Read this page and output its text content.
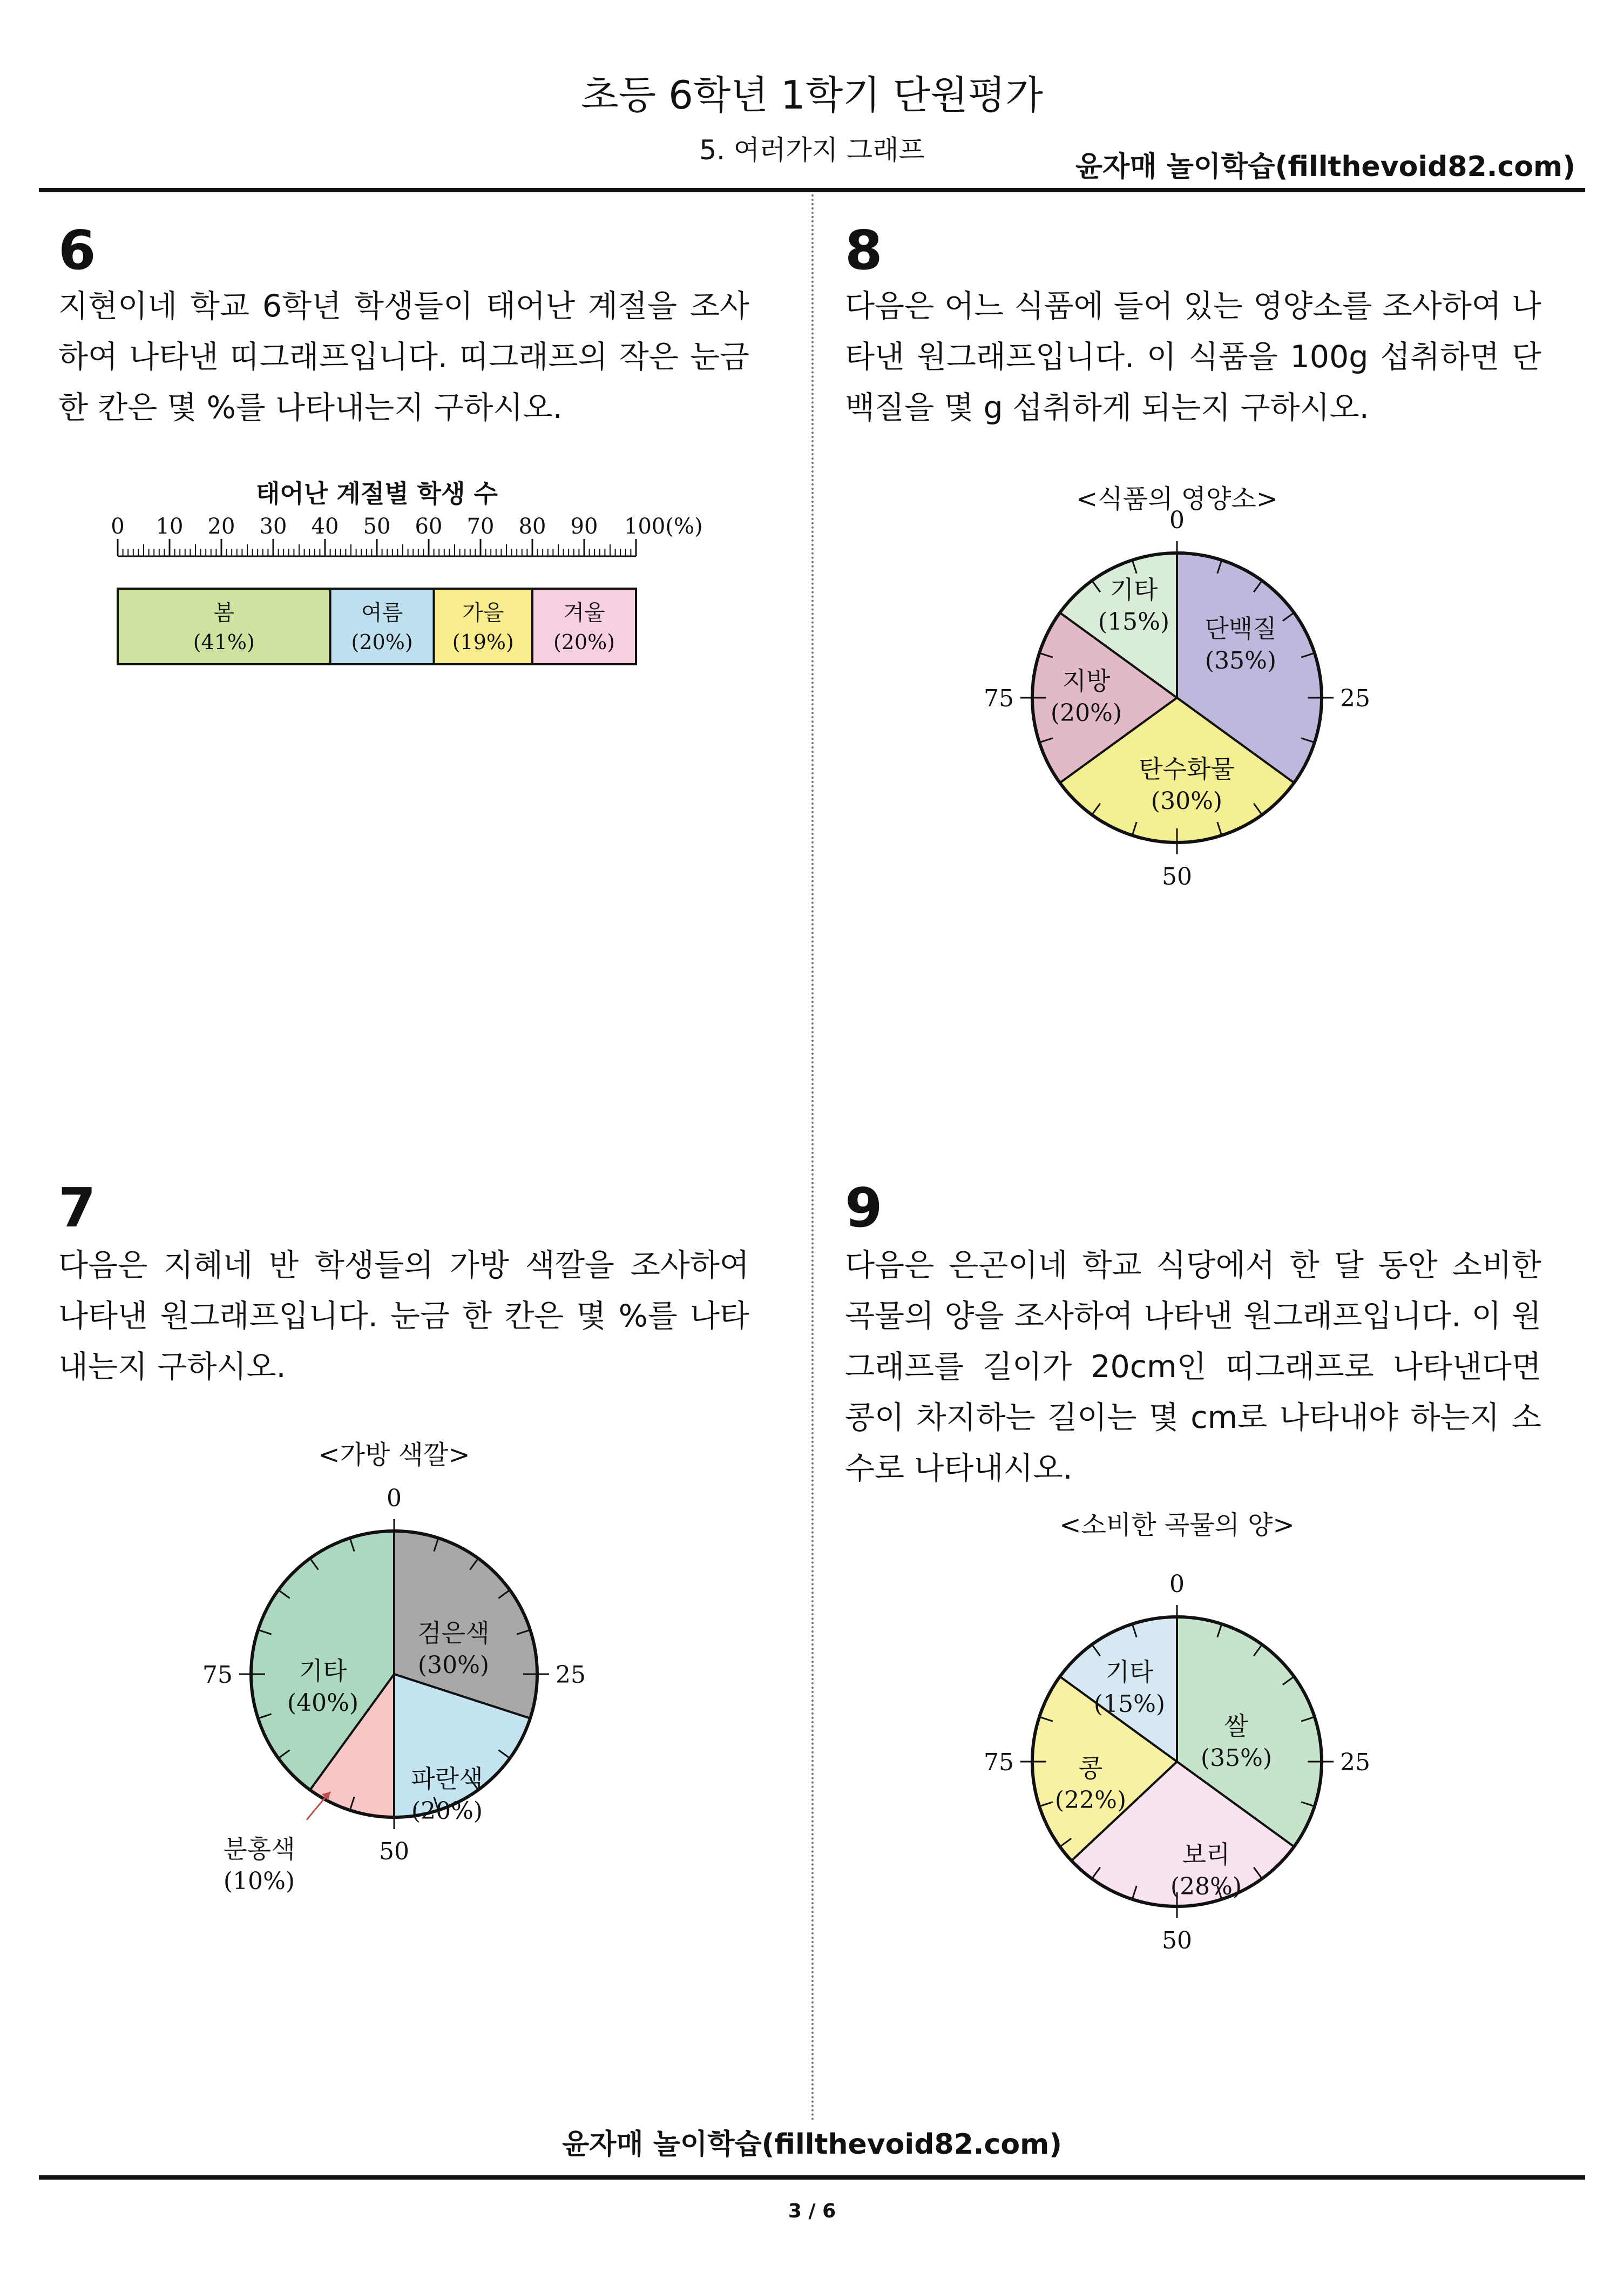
초등 6학년 1학기 단원평가
5. 여러가지 그래프
윤자매 놀이학습(fillthevoid82.com)
6
지현이네 학교 6학년 학생들이 태어난 계절을 조사하여 나타낸 띠그래프입니다. 띠그래프의 작은 눈금 한 칸은 몇 %를 나타내는지 구하시오.
태어난 계절별 학생 수
0 10 20 30 40 50 60 70 80 90 100(%)
봄
(41%)
여름
(20%)
가을
(19%)
겨울
(20%)
7
다음은 지혜네 반 학생들의 가방 색깔을 조사하여 나타낸 원그래프입니다. 눈금 한 칸은 몇 %를 나타내는지 구하시오.
<가방 색깔>
0
25
50
75
검은색
(30%)
파란색
(20%)
분홍색
(10%)
기타
(40%)
8
다음은 어느 식품에 들어 있는 영양소를 조사하여 나타낸 원그래프입니다. 이 식품을 100g 섭취하면 단백질을 몇 g 섭취하게 되는지 구하시오.
<식품의 영양소>
0
25
50
75
단백질
(35%)
탄수화물
(30%)
지방
(20%)
기타
(15%)
9
다음은 은곤이네 학교 식당에서 한 달 동안 소비한 곡물의 양을 조사하여 나타낸 원그래프입니다. 이 원그래프를 길이가 20cm인 띠그래프로 나타낸다면 콩이 차지하는 길이는 몇 cm로 나타내야 하는지 소수로 나타내시오.
<소비한 곡물의 양>
0
25
50
75
쌀
(35%)
보리
(28%)
콩
(22%)
기타
(15%)
윤자매 놀이학습(fillthevoid82.com)
3 / 6
